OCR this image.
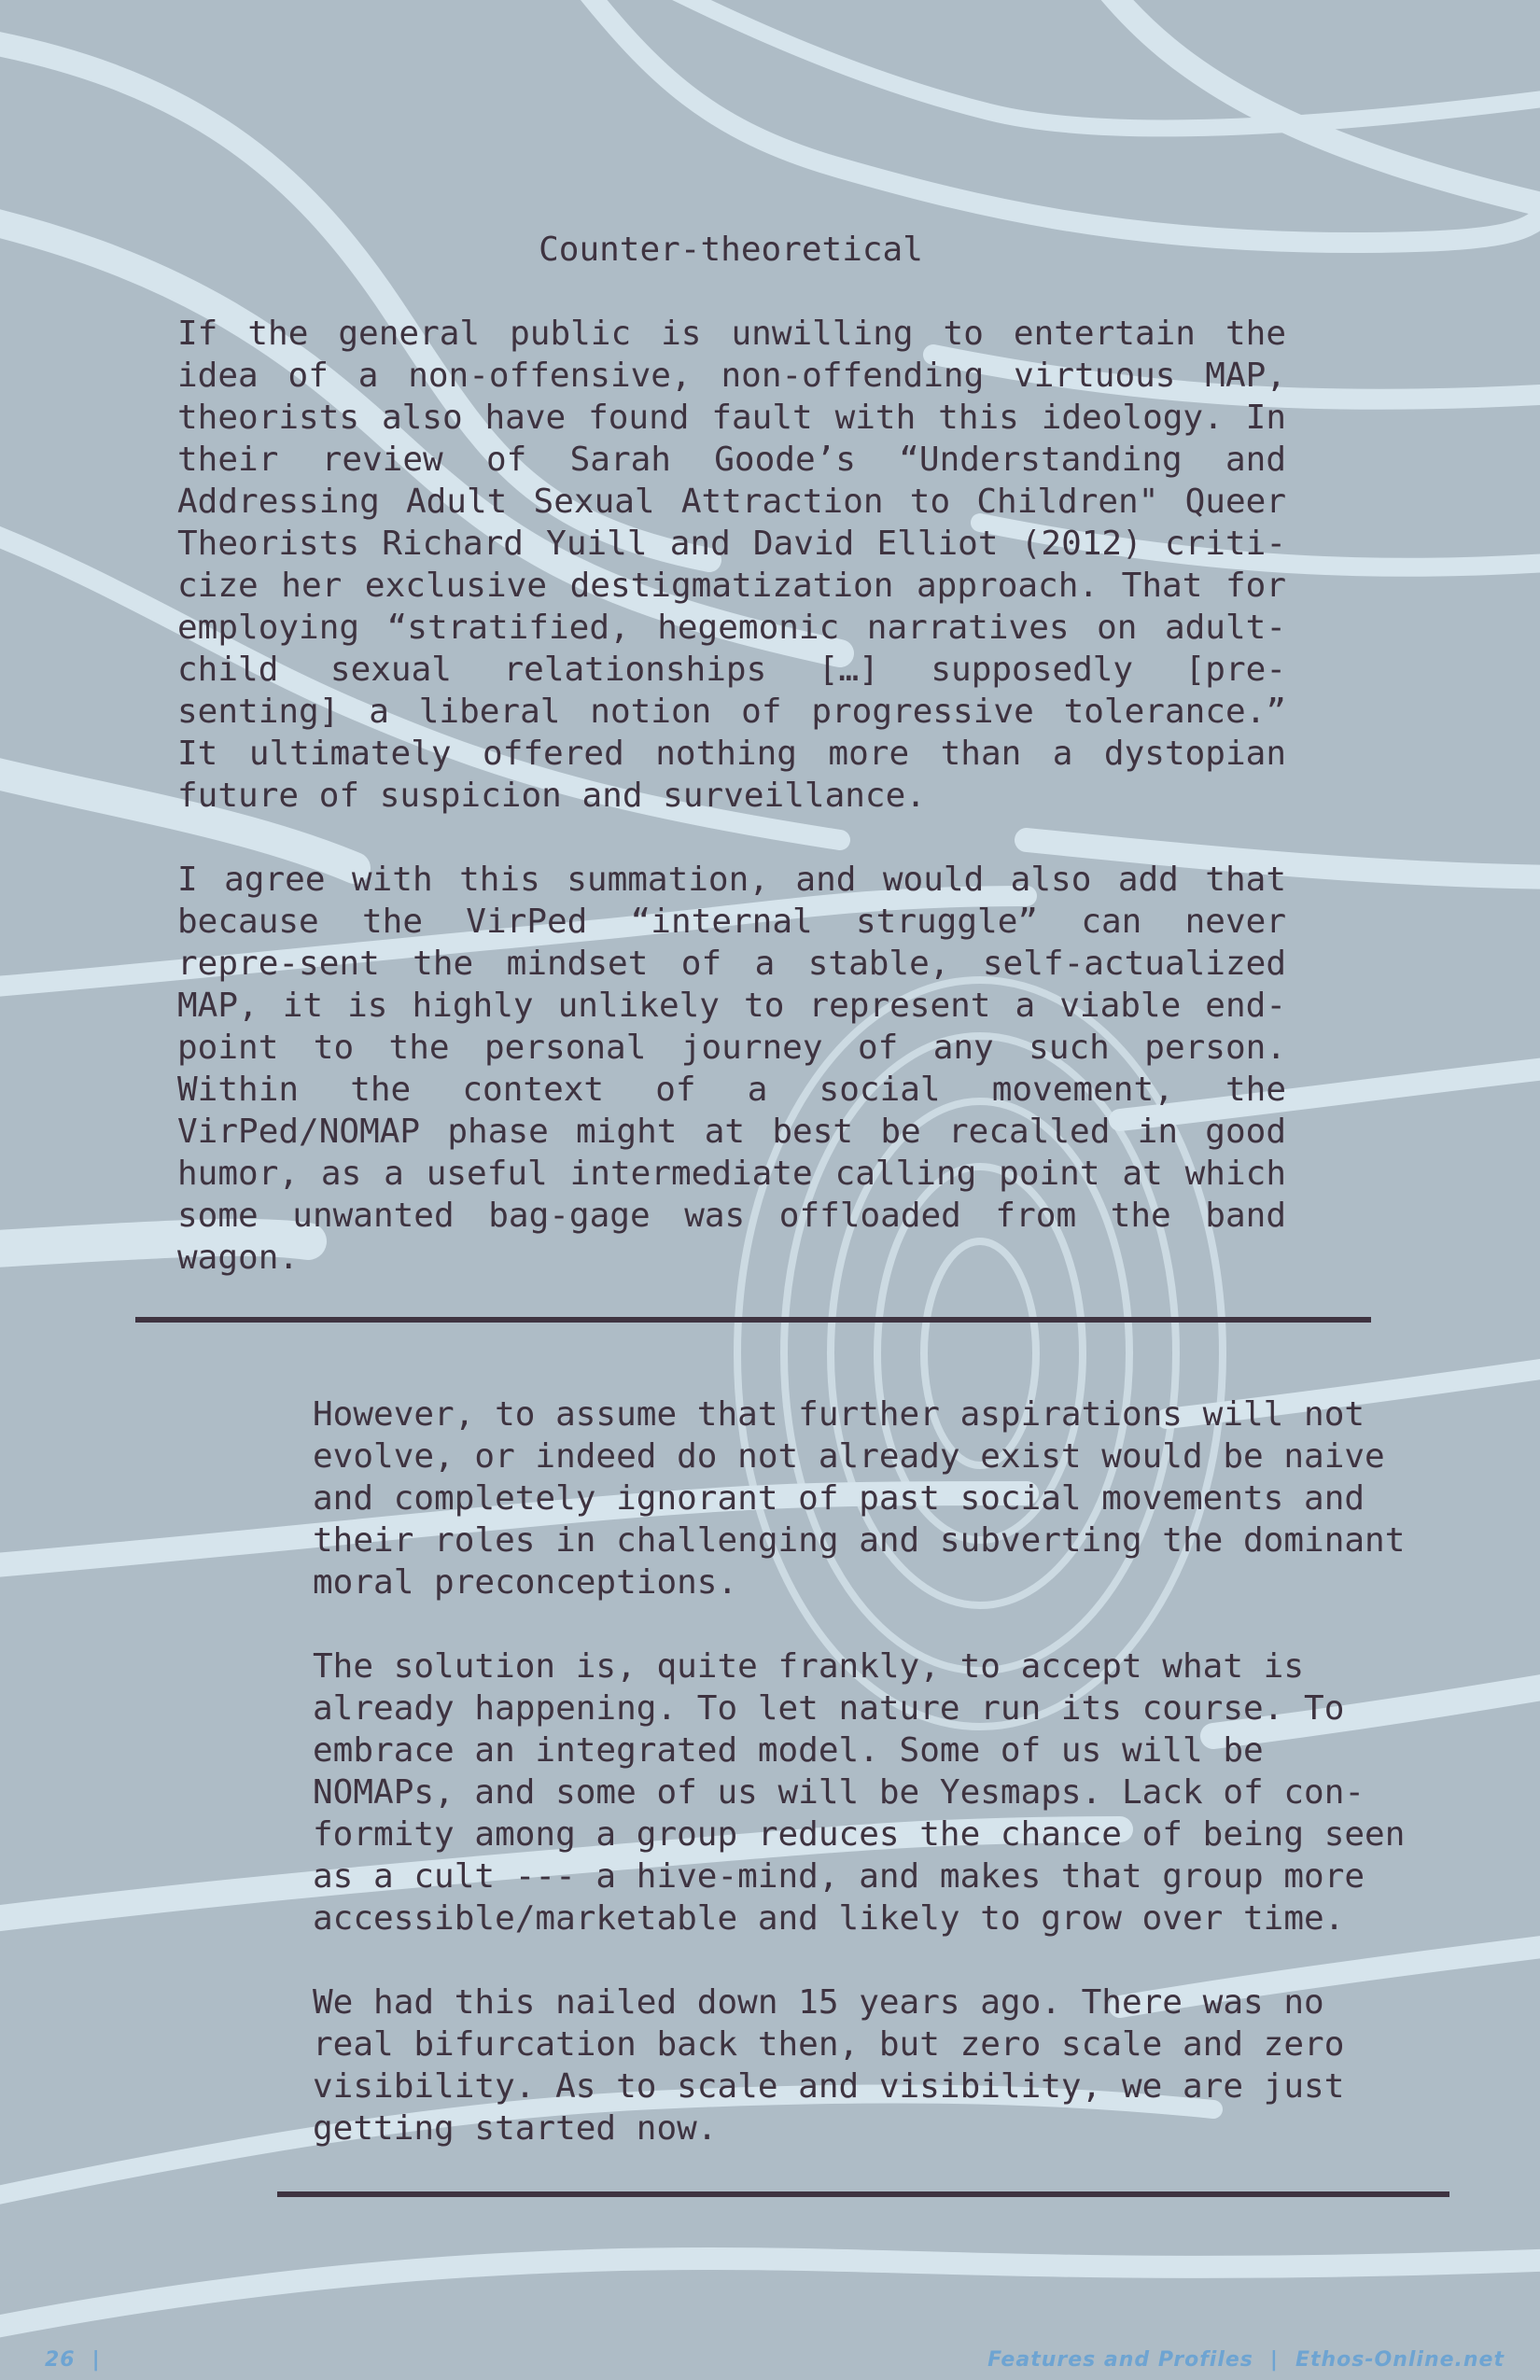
Counter-theoretical

If the general public is unwilling to entertain the idea of a non-offensive, non-offending virtuous MAP, theorists also have found fault with this ideology. In their review of Sarah Goode’s “Understanding and Addressing Adult Sexual Attraction to Children" Queer Theorists Richard Yuill and David Elliot (2012) criti-cize her exclusive destigmatization approach. That for employing “stratified, hegemonic narratives on adult-child sexual relationships […] supposedly [pre-senting] a liberal notion of progressive tolerance.” It ultimately offered nothing more than a dystopian future of suspicion and surveillance.

I agree with this summation, and would also add that because the VirPed “internal struggle” can never repre-sent the mindset of a stable, self-actualized MAP, it is highly unlikely to represent a viable end-point to the personal journey of any such person. Within the context of a social movement, the VirPed/NOMAP phase might at best be recalled in good humor, as a useful intermediate calling point at which some unwanted bag-gage was offloaded from the band wagon.

However, to assume that further aspirations will not
evolve, or indeed do not already exist would be naive
and completely ignorant of past social movements and
their roles in challenging and subverting the dominant
moral preconceptions.

The solution is, quite frankly, to accept what is
already happening. To let nature run its course. To
embrace an integrated model. Some of us will be
NOMAPs, and some of us will be Yesmaps. Lack of con-
formity among a group reduces the chance of being seen
as a cult --- a hive-mind, and makes that group more
accessible/marketable and likely to grow over time.

We had this nailed down 15 years ago. There was no
real bifurcation back then, but zero scale and zero
visibility. As to scale and visibility, we are just
getting started now.

26 |	Features and Profiles | Ethos-Online.net
